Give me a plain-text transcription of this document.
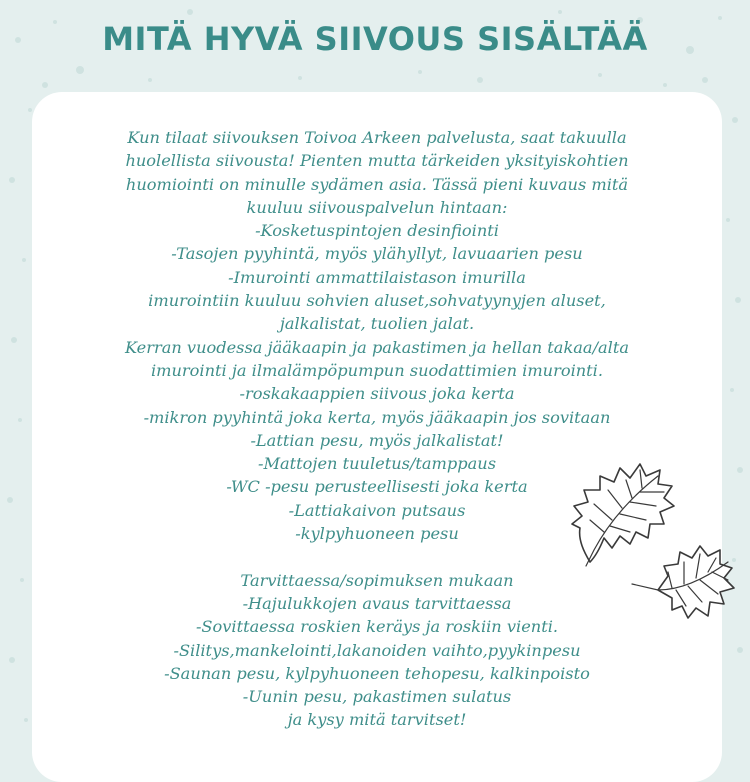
MITÄ HYVÄ SIIVOUS SISÄLTÄÄ
Kun tilaat siivouksen Toivoa Arkeen palvelusta, saat takuulla
huolellista siivousta! Pienten mutta tärkeiden yksityiskohtien
huomiointi on minulle sydämen asia. Tässä pieni kuvaus mitä
kuuluu siivouspalvelun hintaan:
-Kosketuspintojen desinfiointi
-Tasojen pyyhintä, myös ylähyllyt, lavuaarien pesu
-Imurointi ammattilaistason imurilla
imurointiin kuuluu sohvien aluset,sohvatyynyjen aluset,
jalkalistat, tuolien jalat.
Kerran vuodessa jääkaapin ja pakastimen ja hellan takaa/alta
imurointi ja ilmalämpöpumpun suodattimien imurointi.
-roskakaappien siivous joka kerta
-mikron pyyhintä joka kerta, myös jääkaapin jos sovitaan
-Lattian pesu, myös jalkalistat!
-Mattojen tuuletus/tamppaus
-WC -pesu perusteellisesti joka kerta
-Lattiakaivon putsaus
-kylpyhuoneen pesu
Tarvittaessa/sopimuksen mukaan
-Hajulukkojen avaus tarvittaessa
-Sovittaessa roskien keräys ja roskiin vienti.
-Silitys,mankelointi,lakanoiden vaihto,pyykinpesu
-Saunan pesu, kylpyhuoneen tehopesu, kalkinpoisto
-Uunin pesu, pakastimen sulatus
ja kysy mitä tarvitset!
